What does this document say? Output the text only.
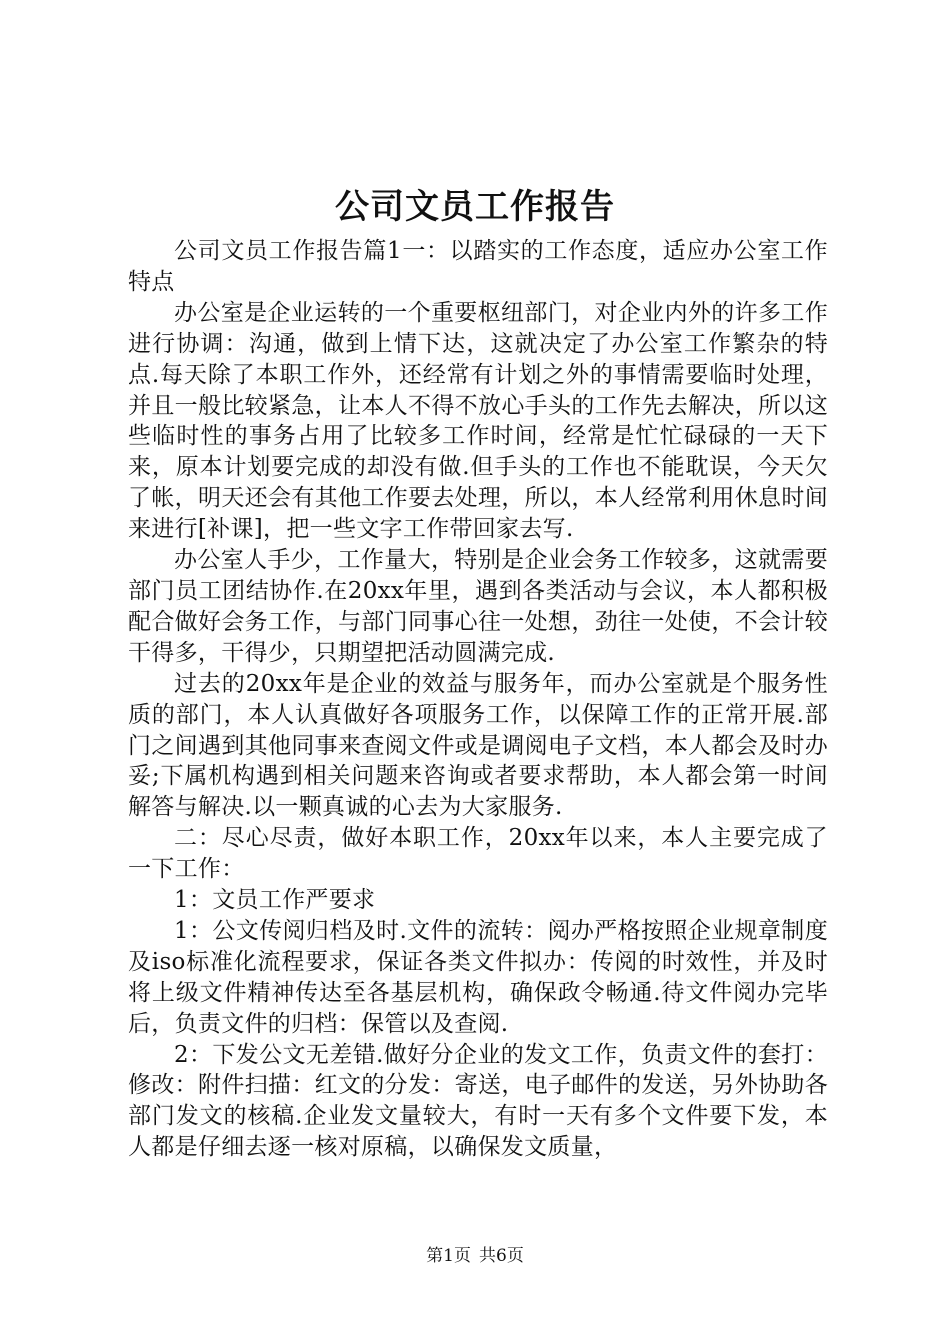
公司文员工作报告

公司文员工作报告篇1一：以踏实的工作态度，适应办公室工作特点

办公室是企业运转的一个重要枢纽部门，对企业内外的许多工作进行协调：沟通，做到上情下达，这就决定了办公室工作繁杂的特点.每天除了本职工作外，还经常有计划之外的事情需要临时处理，并且一般比较紧急，让本人不得不放心手头的工作先去解决，所以这些临时性的事务占用了比较多工作时间，经常是忙忙碌碌的一天下来，原本计划要完成的却没有做.但手头的工作也不能耽误，今天欠了帐，明天还会有其他工作要去处理，所以，本人经常利用休息时间来进行[补课]，把一些文字工作带回家去写.

办公室人手少，工作量大，特别是企业会务工作较多，这就需要部门员工团结协作.在20xx年里，遇到各类活动与会议，本人都积极配合做好会务工作，与部门同事心往一处想，劲往一处使，不会计较干得多，干得少，只期望把活动圆满完成.

过去的20xx年是企业的效益与服务年，而办公室就是个服务性质的部门，本人认真做好各项服务工作，以保障工作的正常开展.部门之间遇到其他同事来查阅文件或是调阅电子文档，本人都会及时办妥;下属机构遇到相关问题来咨询或者要求帮助，本人都会第一时间解答与解决.以一颗真诚的心去为大家服务.

二：尽心尽责，做好本职工作，20xx年以来，本人主要完成了一下工作：

1：文员工作严要求

1：公文传阅归档及时.文件的流转：阅办严格按照企业规章制度及iso标准化流程要求，保证各类文件拟办：传阅的时效性，并及时将上级文件精神传达至各基层机构，确保政令畅通.待文件阅办完毕后，负责文件的归档：保管以及查阅.

2：下发公文无差错.做好分企业的发文工作，负责文件的套打：修改：附件扫描：红文的分发：寄送，电子邮件的发送，另外协助各部门发文的核稿.企业发文量较大，有时一天有多个文件要下发，本人都是仔细去逐一核对原稿，以确保发文质量，

第1页 共6页
